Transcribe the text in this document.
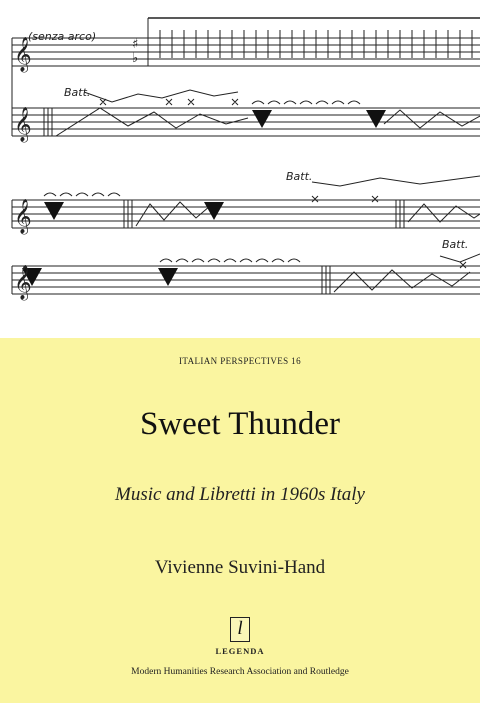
𝄞
𝄞
𝄞
𝄞
♯
♭
(senza arco)
Batt.
Batt.
Batt.
ITALIAN PERSPECTIVES 16
Sweet Thunder
Music and Libretti in 1960s Italy
Vivienne Suvini-Hand
l
LEGENDA
Modern Humanities Research Association and Routledge
